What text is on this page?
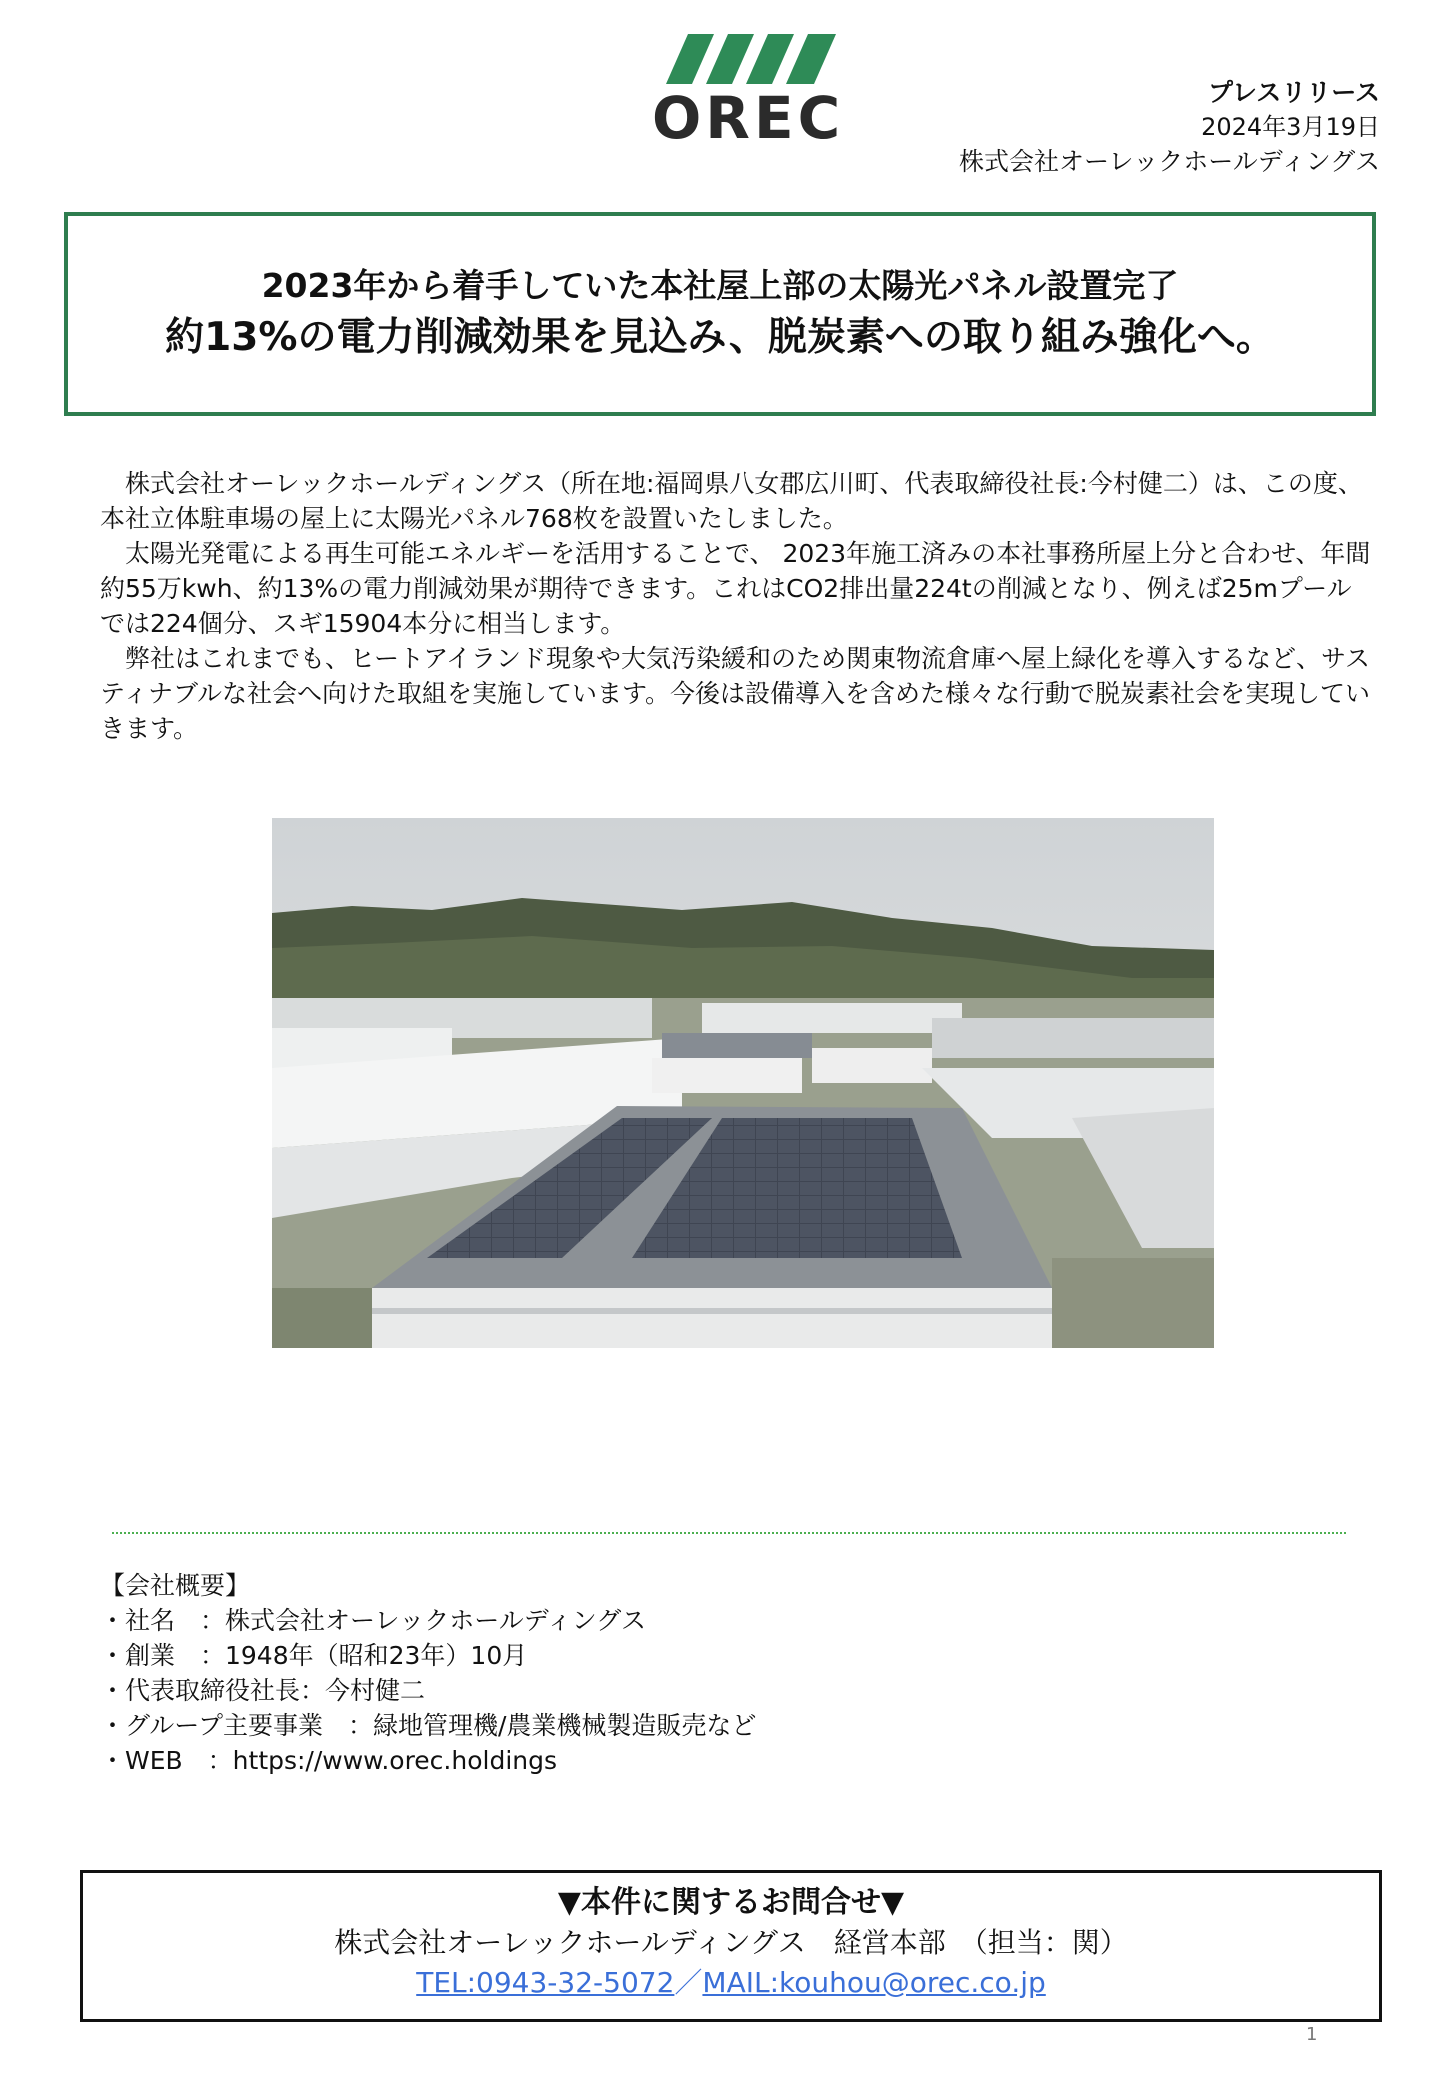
OREC	プレスリリース
2024年3月19日
株式会社オーレックホールディングス
2023年から着手していた本社屋上部の太陽光パネル設置完了
約13%の電力削減効果を見込み、脱炭素への取り組み強化へ。

株式会社オーレックホールディングス（所在地:福岡県八女郡広川町、代表取締役社長:今村健二）は、この度、本社立体駐車場の屋上に太陽光パネル768枚を設置いたしました。

太陽光発電による再生可能エネルギーを活用することで、 2023年施工済みの本社事務所屋上分と合わせ、年間約55万kwh、約13%の電力削減効果が期待できます。これはCO2排出量224tの削減となり、例えば25mプールでは224個分、スギ15904本分に相当します。

弊社はこれまでも、ヒートアイランド現象や大気汚染緩和のため関東物流倉庫へ屋上緑化を導入するなど、サスティナブルな社会へ向けた取組を実施しています。今後は設備導入を含めた様々な行動で脱炭素社会を実現していきます。

【会社概要】
・社名　：株式会社オーレックホールディングス
・創業　：1948年（昭和23年）10月
・代表取締役社長：今村健二
・グループ主要事業　：緑地管理機/農業機械製造販売など
・WEB　：https://www.orec.holdings
▼本件に関するお問合せ▼
株式会社オーレックホールディングス　経営本部　（担当：関）
TEL:0943-32-5072／MAIL:kouhou@orec.co.jp
1
